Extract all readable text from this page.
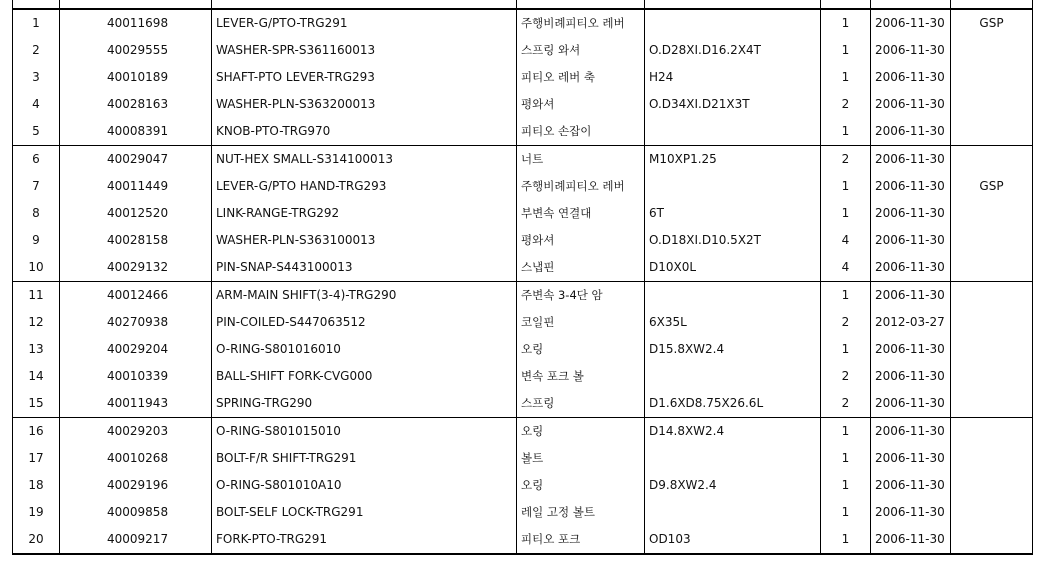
1	40011698	LEVER-G/PTO-TRG291	주행비례피티오 레버		1	2006-11-30	GSP
2	40029555	WASHER-SPR-S361160013	스프링 와셔	O.D28XI.D16.2X4T	1	2006-11-30	
3	40010189	SHAFT-PTO LEVER-TRG293	피티오 레버 축	H24	1	2006-11-30	
4	40028163	WASHER-PLN-S363200013	평와셔	O.D34XI.D21X3T	2	2006-11-30	
5	40008391	KNOB-PTO-TRG970	피티오 손잡이		1	2006-11-30	
6	40029047	NUT-HEX SMALL-S314100013	너트	M10XP1.25	2	2006-11-30	
7	40011449	LEVER-G/PTO HAND-TRG293	주행비례피티오 레버		1	2006-11-30	GSP
8	40012520	LINK-RANGE-TRG292	부변속 연결대	6T	1	2006-11-30	
9	40028158	WASHER-PLN-S363100013	평와셔	O.D18XI.D10.5X2T	4	2006-11-30	
10	40029132	PIN-SNAP-S443100013	스냅핀	D10X0L	4	2006-11-30	
11	40012466	ARM-MAIN SHIFT(3-4)-TRG290	주변속 3-4단 암		1	2006-11-30	
12	40270938	PIN-COILED-S447063512	코일핀	6X35L	2	2012-03-27	
13	40029204	O-RING-S801016010	오링	D15.8XW2.4	1	2006-11-30	
14	40010339	BALL-SHIFT FORK-CVG000	변속 포크 볼		2	2006-11-30	
15	40011943	SPRING-TRG290	스프링	D1.6XD8.75X26.6L	2	2006-11-30	
16	40029203	O-RING-S801015010	오링	D14.8XW2.4	1	2006-11-30	
17	40010268	BOLT-F/R SHIFT-TRG291	볼트		1	2006-11-30	
18	40029196	O-RING-S801010A10	오링	D9.8XW2.4	1	2006-11-30	
19	40009858	BOLT-SELF LOCK-TRG291	레일 고정 볼트		1	2006-11-30	
20	40009217	FORK-PTO-TRG291	피티오 포크	OD103	1	2006-11-30	
